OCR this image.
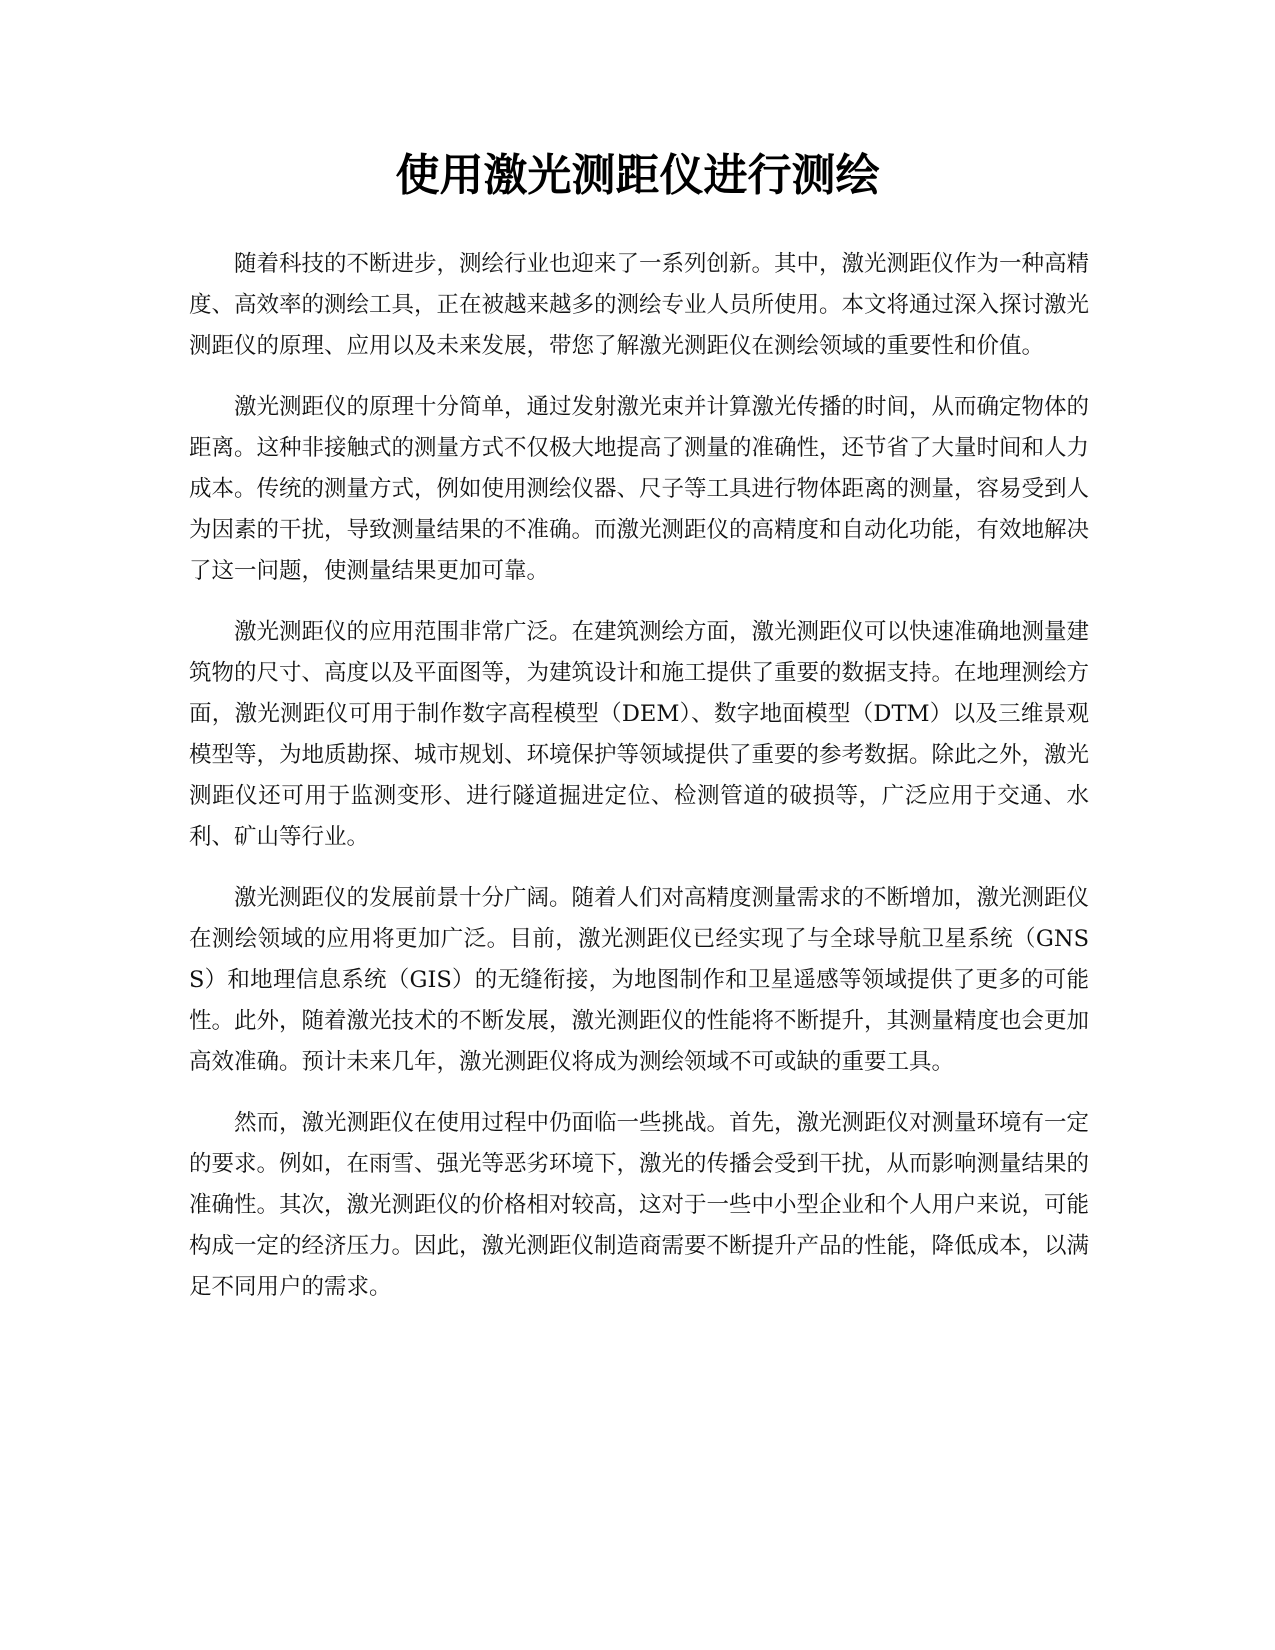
使用激光测距仪进行测绘

随着科技的不断进步，测绘行业也迎来了一系列创新。其中，激光测距仪作为一种高精度、高效率的测绘工具，正在被越来越多的测绘专业人员所使用。本文将通过深入探讨激光测距仪的原理、应用以及未来发展，带您了解激光测距仪在测绘领域的重要性和价值。

激光测距仪的原理十分简单，通过发射激光束并计算激光传播的时间，从而确定物体的距离。这种非接触式的测量方式不仅极大地提高了测量的准确性，还节省了大量时间和人力成本。传统的测量方式，例如使用测绘仪器、尺子等工具进行物体距离的测量，容易受到人为因素的干扰，导致测量结果的不准确。而激光测距仪的高精度和自动化功能，有效地解决了这一问题，使测量结果更加可靠。

激光测距仪的应用范围非常广泛。在建筑测绘方面，激光测距仪可以快速准确地测量建筑物的尺寸、高度以及平面图等，为建筑设计和施工提供了重要的数据支持。在地理测绘方面，激光测距仪可用于制作数字高程模型（DEM）、数字地面模型（DTM）以及三维景观模型等，为地质勘探、城市规划、环境保护等领域提供了重要的参考数据。除此之外，激光测距仪还可用于监测变形、进行隧道掘进定位、检测管道的破损等，广泛应用于交通、水利、矿山等行业。

激光测距仪的发展前景十分广阔。随着人们对高精度测量需求的不断增加，激光测距仪在测绘领域的应用将更加广泛。目前，激光测距仪已经实现了与全球导航卫星系统（GNSS）和地理信息系统（GIS）的无缝衔接，为地图制作和卫星遥感等领域提供了更多的可能性。此外，随着激光技术的不断发展，激光测距仪的性能将不断提升，其测量精度也会更加高效准确。预计未来几年，激光测距仪将成为测绘领域不可或缺的重要工具。

然而，激光测距仪在使用过程中仍面临一些挑战。首先，激光测距仪对测量环境有一定的要求。例如，在雨雪、强光等恶劣环境下，激光的传播会受到干扰，从而影响测量结果的准确性。其次，激光测距仪的价格相对较高，这对于一些中小型企业和个人用户来说，可能构成一定的经济压力。因此，激光测距仪制造商需要不断提升产品的性能，降低成本，以满足不同用户的需求。
